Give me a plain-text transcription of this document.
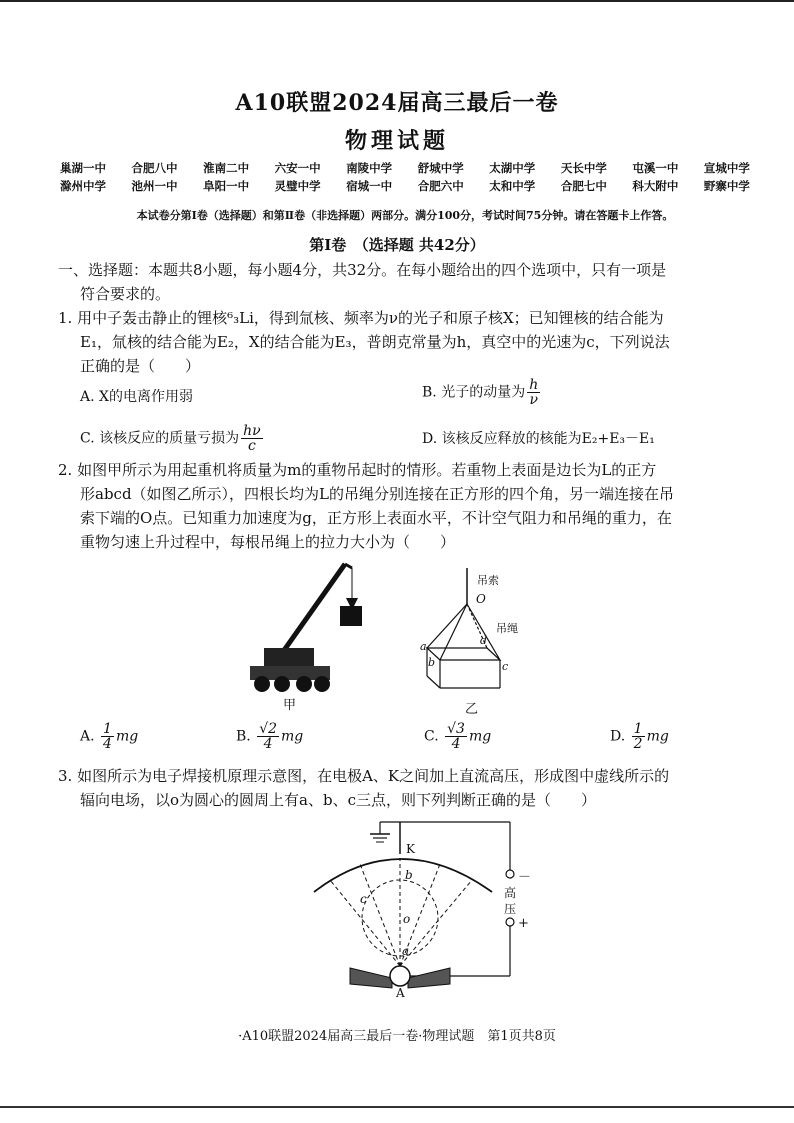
A10联盟2024届高三最后一卷
物理试题
巢湖一中 合肥八中 淮南二中 六安一中 南陵中学 舒城中学 太湖中学 天长中学 屯溪一中 宣城中学
滁州中学 池州一中 阜阳一中 灵璧中学 宿城一中 合肥六中 太和中学 合肥七中 科大附中 野寨中学
本试卷分第Ⅰ卷（选择题）和第Ⅱ卷（非选择题）两部分。满分100分，考试时间75分钟。请在答题卡上作答。
第Ⅰ卷　（选择题 共42分）
一、选择题：本题共8小题，每小题4分，共32分。在每小题给出的四个选项中，只有一项是
符合要求的。
1. 用中子轰击静止的锂核⁶₃Li，得到氚核、频率为ν的光子和原子核X；已知锂核的结合能为
E₁，氚核的结合能为E₂，X的结合能为E₃，普朗克常量为h，真空中的光速为c，下列说法
正确的是（　　）
A. X的电离作用弱	B. 光子的动量为 $\frac{h}{\nu}$
C. 该核反应的质量亏损为 $\frac{h\nu}{c}$	D. 该核反应释放的核能为E₂+E₃－E₁
2. 如图甲所示为用起重机将质量为m的重物吊起时的情形。若重物上表面是边长为L的正方
形abcd（如图乙所示），四根长均为L的吊绳分别连接在正方形的四个角，另一端连接在吊
索下端的O点。已知重力加速度为g，正方形上表面水平，不计空气阻力和吊绳的重力，在
重物匀速上升过程中，每根吊绳上的拉力大小为（　　）
甲
吊索
O
吊绳
a
b	c
d
乙
A. $\frac{1}{4}$ mg	B. $\frac{√2}{4}$ mg	C. $\frac{√3}{4}$ mg	D. $\frac{1}{2}$ mg
3. 如图所示为电子焊接机原理示意图，在电极A、K之间加上直流高压，形成图中虚线所示的
辐向电场，以o为圆心的圆周上有a、b、c三点，则下列判断正确的是（　　）
K
b
c
o
a
A
－
高
压
+
·A10联盟2024届高三最后一卷·物理试题　第1页共8页
